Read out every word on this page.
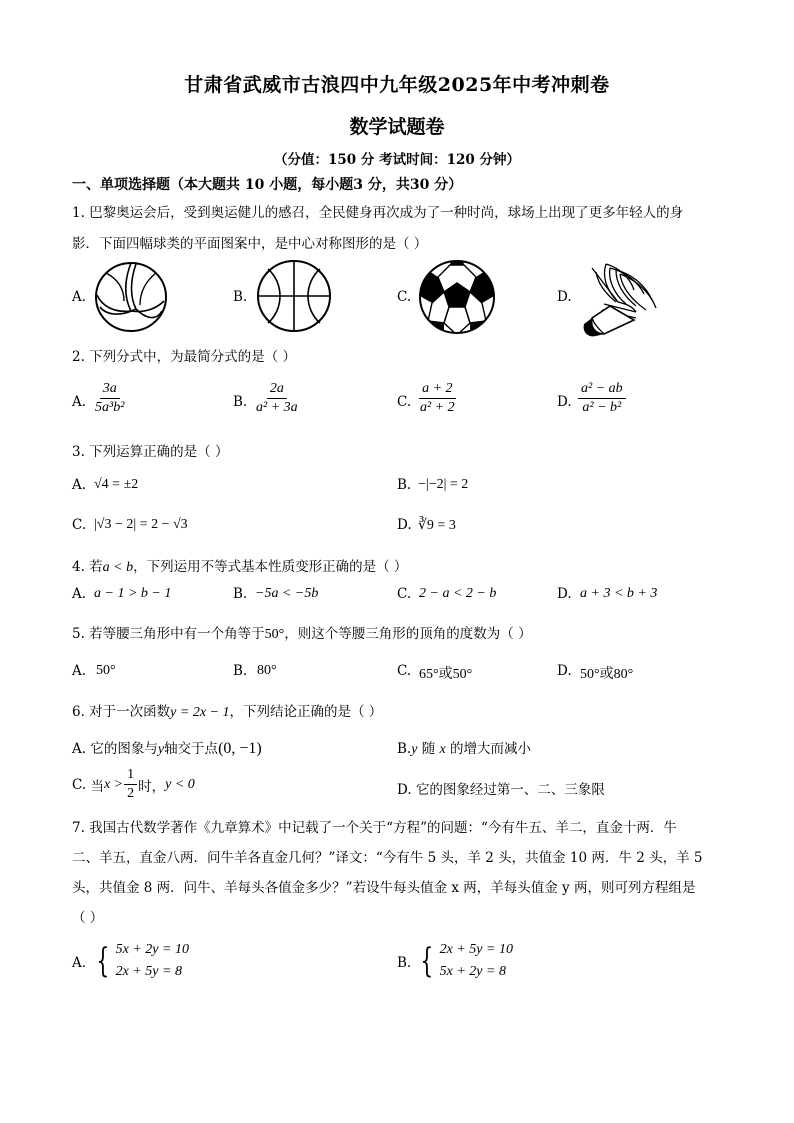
甘肃省武威市古浪四中九年级2025年中考冲刺卷
数学试题卷
（分值：150 分 考试时间：120 分钟）
一、单项选择题（本大题共 10 小题，每小题3 分，共30 分）
1. 巴黎奥运会后，受到奥运健儿的感召，全民健身再次成为了一种时尚，球场上出现了更多年轻人的身
影．下面四幅球类的平面图案中，是中心对称图形的是（ ）
A.	B.	C.	D.
2. 下列分式中，为最简分式的是（ ）
A. $\frac{3a}{\text{5a³b²}}$	B. $\frac{2a}{\text{a² + 3a}}$	C. $\frac{a + 2}{\text{a² + 2}}$	D. $\frac{\text{a² − ab}}{\text{a² − b²}}$
3. 下列运算正确的是（ ）
A. √4 = ±2	B. −|−2| = 2
C. |√3 − 2| = 2 − √3	D. ∛9 = 3
4. 若a < b，下列运用不等式基本性质变形正确的是（ ）
A. a − 1 > b − 1	B. −5a < −5b	C. 2 − a < 2 − b	D. a + 3 < b + 3
5. 若等腰三角形中有一个角等于50°，则这个等腰三角形的顶角的度数为（ ）
A. 50°	B. 80°	C. 65°或50°	D. 50°或80°
6. 对于一次函数y = 2x − 1，下列结论正确的是（ ）
A. 它的图象与y轴交于点(0, −1)	B.y 随 x 的增大而减小
C.
当 $x > \frac{1}{2}$ 时， y < 0	D. 它的图象经过第一、二、三象限
7. 我国古代数学著作《九章算术》中记载了一个关于“方程”的问题：“今有牛五、羊二，直金十两．牛
二、羊五，直金八两．问牛羊各直金几何？”译文：“今有牛 5 头，羊 2 头，共值金 10 两．牛 2 头，羊 5
头，共值金 8 两．问牛、羊每头各值金多少？”若设牛每头值金 x 两，羊每头值金 y 两，则可列方程组是
（ ）
A. { 5x + 2y = 10
2x + 5y = 8
B. { 2x + 5y = 10
5x + 2y = 8
